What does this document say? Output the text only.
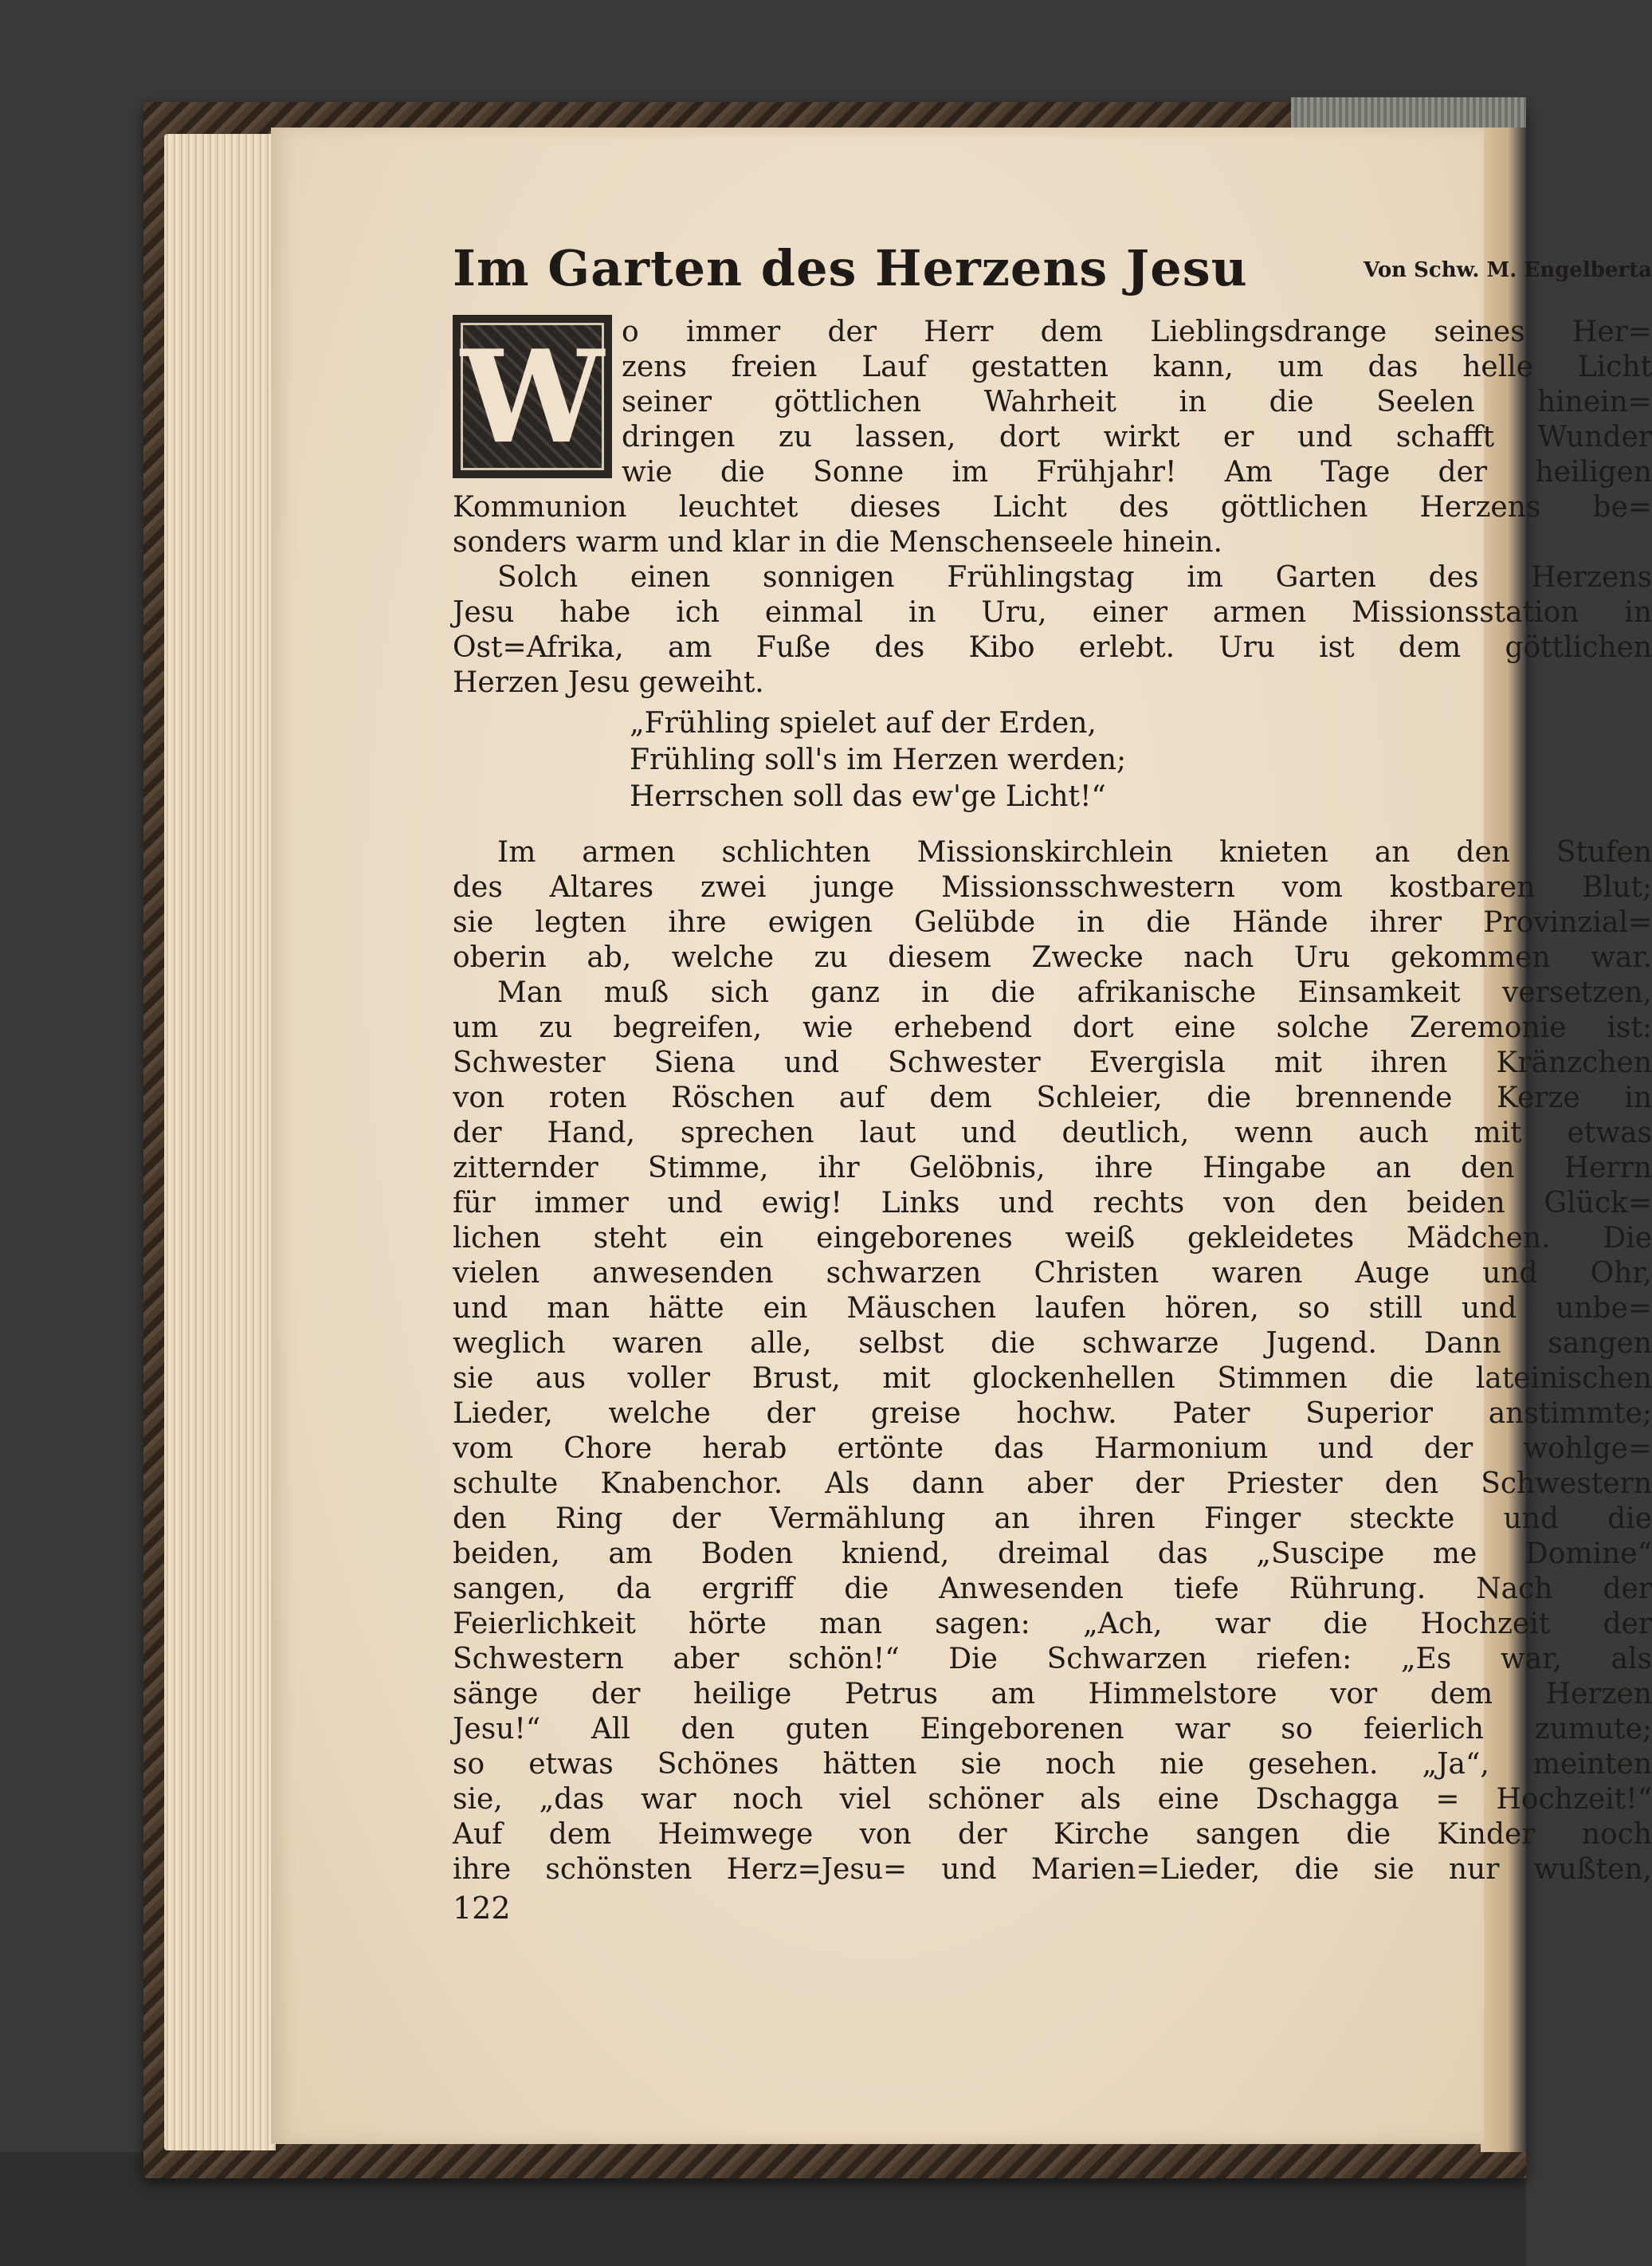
Im Garten des Herzens Jesu	Von Schw. M. Engelberta
W o immer der Herr dem Lieblingsdrange seines Her=
zens freien Lauf gestatten kann, um das helle Licht
seiner göttlichen Wahrheit in die Seelen hinein=
dringen zu lassen, dort wirkt er und schafft Wunder
wie die Sonne im Frühjahr! Am Tage der heiligen
Kommunion leuchtet dieses Licht des göttlichen Herzens be=
sonders warm und klar in die Menschenseele hinein.
Solch einen sonnigen Frühlingstag im Garten des Herzens
Jesu habe ich einmal in Uru, einer armen Missionsstation in
Ost=Afrika, am Fuße des Kibo erlebt. Uru ist dem göttlichen
Herzen Jesu geweiht.
„Frühling spielet auf der Erden,
Frühling soll's im Herzen werden;
Herrschen soll das ew'ge Licht!“
Im armen schlichten Missionskirchlein knieten an den Stufen
des Altares zwei junge Missionsschwestern vom kostbaren Blut;
sie legten ihre ewigen Gelübde in die Hände ihrer Provinzial=
oberin ab, welche zu diesem Zwecke nach Uru gekommen war.
Man muß sich ganz in die afrikanische Einsamkeit versetzen,
um zu begreifen, wie erhebend dort eine solche Zeremonie ist:
Schwester Siena und Schwester Evergisla mit ihren Kränzchen
von roten Röschen auf dem Schleier, die brennende Kerze in
der Hand, sprechen laut und deutlich, wenn auch mit etwas
zitternder Stimme, ihr Gelöbnis, ihre Hingabe an den Herrn
für immer und ewig! Links und rechts von den beiden Glück=
lichen steht ein eingeborenes weiß gekleidetes Mädchen. Die
vielen anwesenden schwarzen Christen waren Auge und Ohr,
und man hätte ein Mäuschen laufen hören, so still und unbe=
weglich waren alle, selbst die schwarze Jugend. Dann sangen
sie aus voller Brust, mit glockenhellen Stimmen die lateinischen
Lieder, welche der greise hochw. Pater Superior anstimmte;
vom Chore herab ertönte das Harmonium und der wohlge=
schulte Knabenchor. Als dann aber der Priester den Schwestern
den Ring der Vermählung an ihren Finger steckte und die
beiden, am Boden kniend, dreimal das „Suscipe me Domine“
sangen, da ergriff die Anwesenden tiefe Rührung. Nach der
Feierlichkeit hörte man sagen: „Ach, war die Hochzeit der
Schwestern aber schön!“ Die Schwarzen riefen: „Es war, als
sänge der heilige Petrus am Himmelstore vor dem Herzen
Jesu!“ All den guten Eingeborenen war so feierlich zumute;
so etwas Schönes hätten sie noch nie gesehen. „Ja“, meinten
sie, „das war noch viel schöner als eine Dschagga = Hochzeit!“
Auf dem Heimwege von der Kirche sangen die Kinder noch
ihre schönsten Herz=Jesu= und Marien=Lieder, die sie nur wußten,
122
